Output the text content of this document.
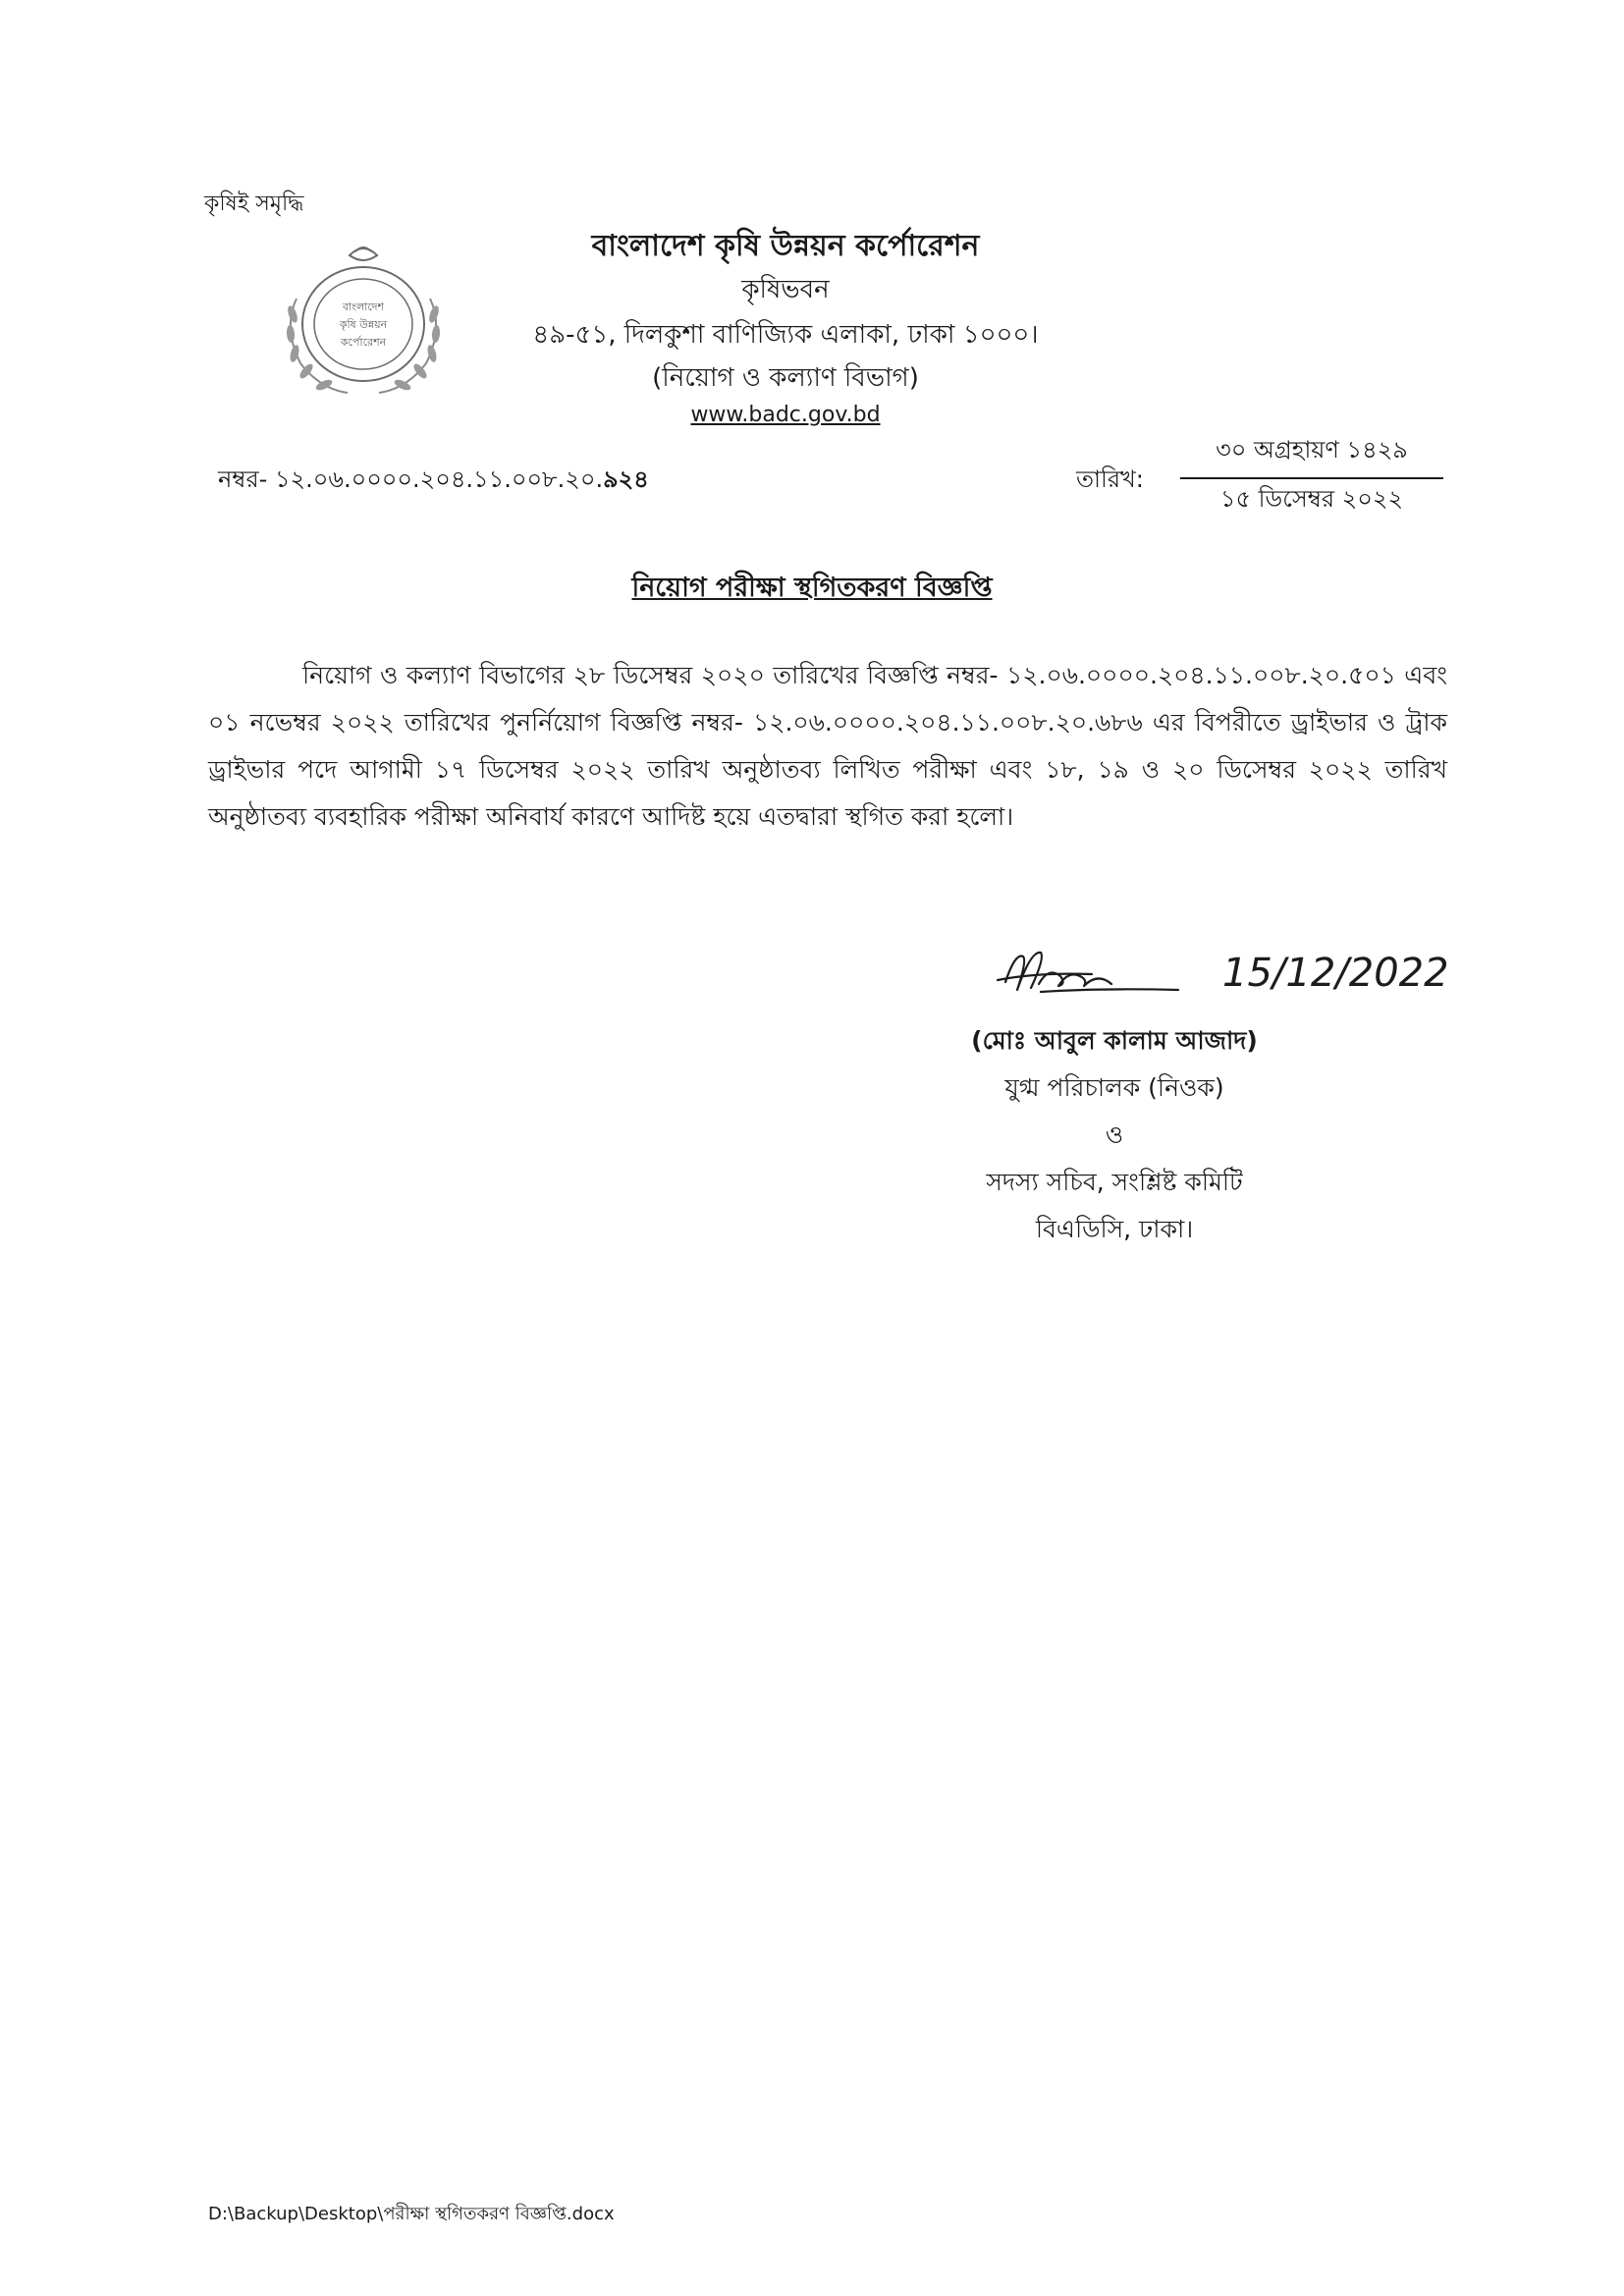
কৃষিই সমৃদ্ধি
বাংলাদেশ
কৃষি উন্নয়ন
কর্পোরেশন
বাংলাদেশ কৃষি উন্নয়ন কর্পোরেশন
কৃষিভবন
৪৯-৫১, দিলকুশা বাণিজ্যিক এলাকা, ঢাকা ১০০০।
(নিয়োগ ও কল্যাণ বিভাগ)
www.badc.gov.bd
নম্বর- ১২.০৬.০০০০.২০৪.১১.০০৮.২০.৯২৪	তারিখ:
৩০ অগ্রহায়ণ ১৪২৯
১৫ ডিসেম্বর ২০২২
নিয়োগ পরীক্ষা স্থগিতকরণ বিজ্ঞপ্তি
নিয়োগ ও কল্যাণ বিভাগের ২৮ ডিসেম্বর ২০২০ তারিখের বিজ্ঞপ্তি নম্বর- ১২.০৬.০০০০.২০৪.১১.০০৮.২০.৫০১ এবং ০১ নভেম্বর ২০২২ তারিখের পুনর্নিয়োগ বিজ্ঞপ্তি নম্বর- ১২.০৬.০০০০.২০৪.১১.০০৮.২০.৬৮৬ এর বিপরীতে ড্রাইভার ও ট্রাক ড্রাইভার পদে আগামী ১৭ ডিসেম্বর ২০২২ তারিখ অনুষ্ঠাতব্য লিখিত পরীক্ষা এবং ১৮, ১৯ ও ২০ ডিসেম্বর ২০২২ তারিখ অনুষ্ঠাতব্য ব্যবহারিক পরীক্ষা অনিবার্য কারণে আদিষ্ট হয়ে এতদ্বারা স্থগিত করা হলো।
15/12/2022
(মোঃ আবুল কালাম আজাদ)
যুগ্ম পরিচালক (নিওক)
ও
সদস্য সচিব, সংশ্লিষ্ট কমিটি
বিএডিসি, ঢাকা।
D:\Backup\Desktop\পরীক্ষা স্থগিতকরণ বিজ্ঞপ্তি.docx
